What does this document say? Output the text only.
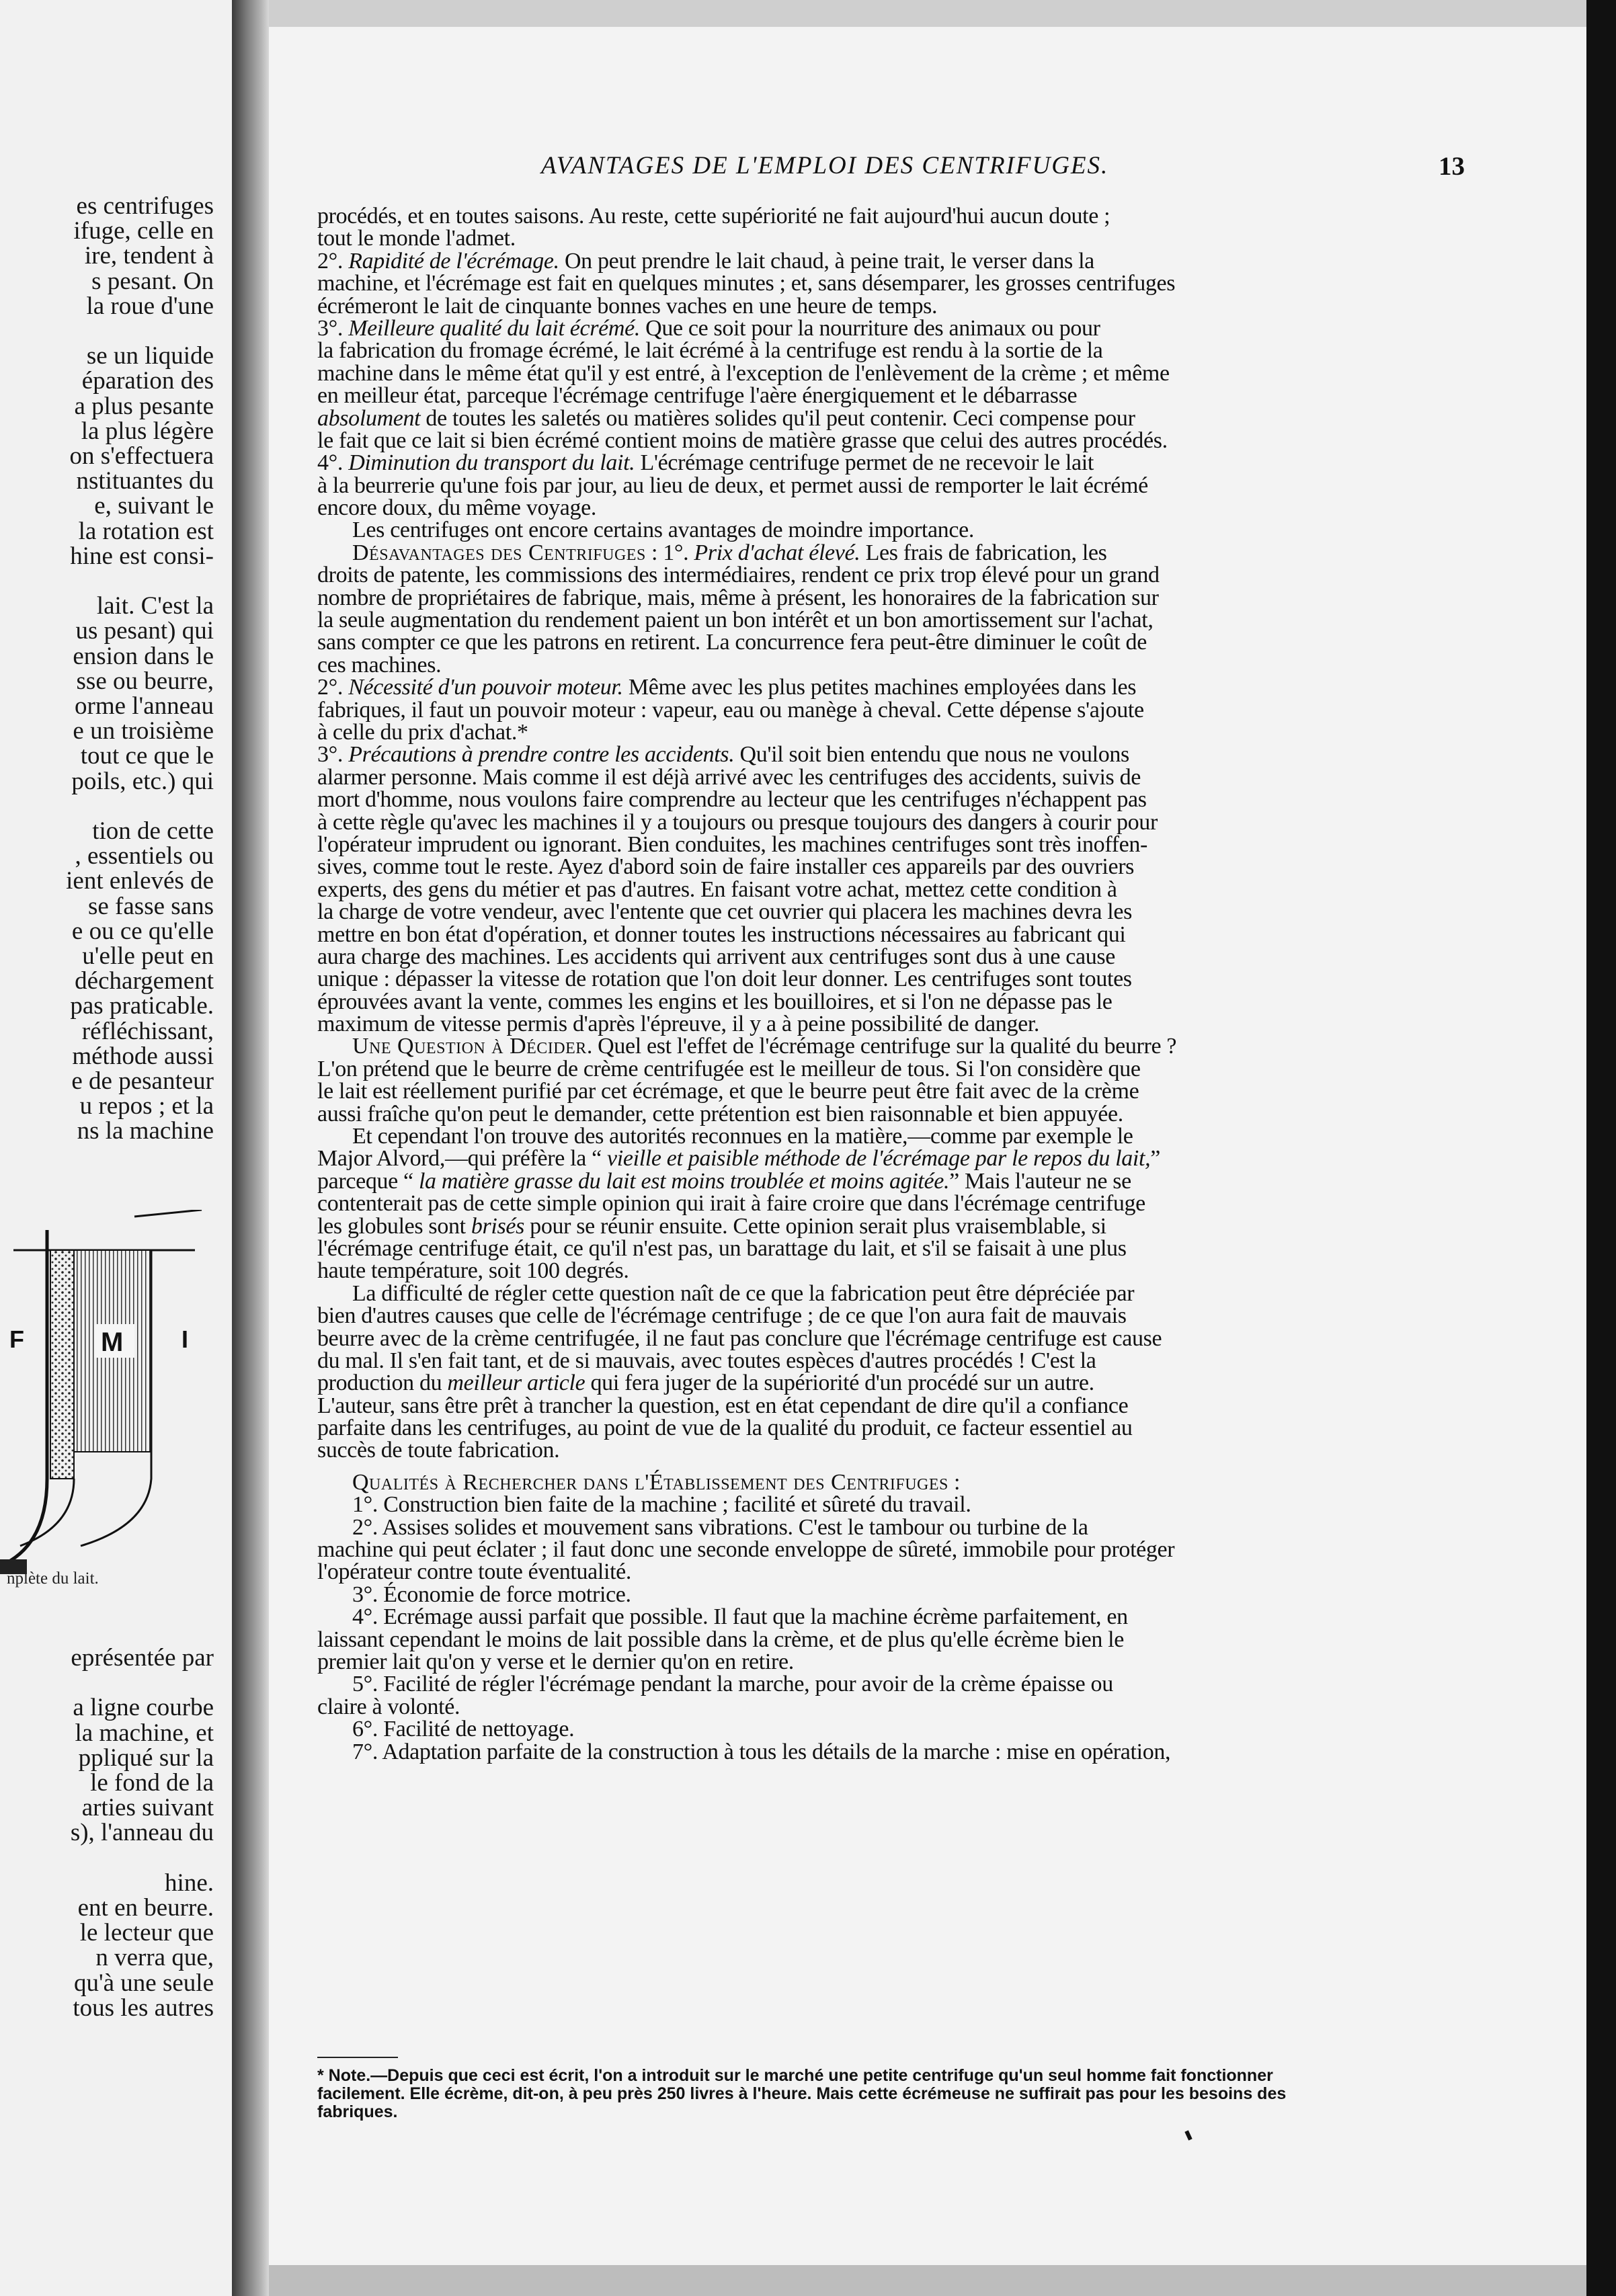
es centrifuges
ifuge, celle en
ire, tendent à
s pesant. On
la roue d'une
se un liquide
éparation des
a plus pesante
la plus légère
on s'effectuera
nstituantes du
e, suivant le
la rotation est
hine est consi-
lait. C'est la
us pesant) qui
ension dans le
sse ou beurre,
orme l'anneau
e un troisième
tout ce que le
poils, etc.) qui
tion de cette
, essentiels ou
ient enlevés de
se fasse sans
e ou ce qu'elle
u'elle peut en
déchargement
pas praticable.
réfléchissant,
méthode aussi
e de pesanteur
u repos ; et la
ns la machine
F	M I
nplète du lait.
eprésentée par
a ligne courbe
la machine, et
ppliqué sur la
le fond de la
arties suivant
s), l'anneau du
hine.
ent en beurre.
le lecteur que
n verra que,
qu'à une seule
tous les autres
AVANTAGES DE L'EMPLOI DES CENTRIFUGES.	13
procédés, et en toutes saisons. Au reste, cette supériorité ne fait aujourd'hui aucun doute ;
tout le monde l'admet.
2°. Rapidité de l'écrémage. On peut prendre le lait chaud, à peine trait, le verser dans la
machine, et l'écrémage est fait en quelques minutes ; et, sans désemparer, les grosses centrifuges
écrémeront le lait de cinquante bonnes vaches en une heure de temps.
3°. Meilleure qualité du lait écrémé. Que ce soit pour la nourriture des animaux ou pour
la fabrication du fromage écrémé, le lait écrémé à la centrifuge est rendu à la sortie de la
machine dans le même état qu'il y est entré, à l'exception de l'enlèvement de la crème ; et même
en meilleur état, parceque l'écrémage centrifuge l'aère énergiquement et le débarrasse
absolument de toutes les saletés ou matières solides qu'il peut contenir. Ceci compense pour
le fait que ce lait si bien écrémé contient moins de matière grasse que celui des autres procédés.
4°. Diminution du transport du lait. L'écrémage centrifuge permet de ne recevoir le lait
à la beurrerie qu'une fois par jour, au lieu de deux, et permet aussi de remporter le lait écrémé
encore doux, du même voyage.
Les centrifuges ont encore certains avantages de moindre importance.
Désavantages des Centrifuges : 1°. Prix d'achat élevé. Les frais de fabrication, les
droits de patente, les commissions des intermédiaires, rendent ce prix trop élevé pour un grand
nombre de propriétaires de fabrique, mais, même à présent, les honoraires de la fabrication sur
la seule augmentation du rendement paient un bon intérêt et un bon amortissement sur l'achat,
sans compter ce que les patrons en retirent. La concurrence fera peut-être diminuer le coût de
ces machines.
2°. Nécessité d'un pouvoir moteur. Même avec les plus petites machines employées dans les
fabriques, il faut un pouvoir moteur : vapeur, eau ou manège à cheval. Cette dépense s'ajoute
à celle du prix d'achat.*
3°. Précautions à prendre contre les accidents. Qu'il soit bien entendu que nous ne voulons
alarmer personne. Mais comme il est déjà arrivé avec les centrifuges des accidents, suivis de
mort d'homme, nous voulons faire comprendre au lecteur que les centrifuges n'échappent pas
à cette règle qu'avec les machines il y a toujours ou presque toujours des dangers à courir pour
l'opérateur imprudent ou ignorant. Bien conduites, les machines centrifuges sont très inoffen-
sives, comme tout le reste. Ayez d'abord soin de faire installer ces appareils par des ouvriers
experts, des gens du métier et pas d'autres. En faisant votre achat, mettez cette condition à
la charge de votre vendeur, avec l'entente que cet ouvrier qui placera les machines devra les
mettre en bon état d'opération, et donner toutes les instructions nécessaires au fabricant qui
aura charge des machines. Les accidents qui arrivent aux centrifuges sont dus à une cause
unique : dépasser la vitesse de rotation que l'on doit leur donner. Les centrifuges sont toutes
éprouvées avant la vente, commes les engins et les bouilloires, et si l'on ne dépasse pas le
maximum de vitesse permis d'après l'épreuve, il y a à peine possibilité de danger.
Une Question à Décider. Quel est l'effet de l'écrémage centrifuge sur la qualité du beurre ?
L'on prétend que le beurre de crème centrifugée est le meilleur de tous. Si l'on considère que
le lait est réellement purifié par cet écrémage, et que le beurre peut être fait avec de la crème
aussi fraîche qu'on peut le demander, cette prétention est bien raisonnable et bien appuyée.
Et cependant l'on trouve des autorités reconnues en la matière,—comme par exemple le
Major Alvord,—qui préfère la “ vieille et paisible méthode de l'écrémage par le repos du lait,”
parceque “ la matière grasse du lait est moins troublée et moins agitée.” Mais l'auteur ne se
contenterait pas de cette simple opinion qui irait à faire croire que dans l'écrémage centrifuge
les globules sont brisés pour se réunir ensuite. Cette opinion serait plus vraisemblable, si
l'écrémage centrifuge était, ce qu'il n'est pas, un barattage du lait, et s'il se faisait à une plus
haute température, soit 100 degrés.
La difficulté de régler cette question naît de ce que la fabrication peut être dépréciée par
bien d'autres causes que celle de l'écrémage centrifuge ; de ce que l'on aura fait de mauvais
beurre avec de la crème centrifugée, il ne faut pas conclure que l'écrémage centrifuge est cause
du mal. Il s'en fait tant, et de si mauvais, avec toutes espèces d'autres procédés ! C'est la
production du meilleur article qui fera juger de la supériorité d'un procédé sur un autre.
L'auteur, sans être prêt à trancher la question, est en état cependant de dire qu'il a confiance
parfaite dans les centrifuges, au point de vue de la qualité du produit, ce facteur essentiel au
succès de toute fabrication.
Qualités à Rechercher dans l'Établissement des Centrifuges :
1°. Construction bien faite de la machine ; facilité et sûreté du travail.
2°. Assises solides et mouvement sans vibrations. C'est le tambour ou turbine de la
machine qui peut éclater ; il faut donc une seconde enveloppe de sûreté, immobile pour protéger
l'opérateur contre toute éventualité.
3°. Économie de force motrice.
4°. Ecrémage aussi parfait que possible. Il faut que la machine écrème parfaitement, en
laissant cependant le moins de lait possible dans la crème, et de plus qu'elle écrème bien le
premier lait qu'on y verse et le dernier qu'on en retire.
5°. Facilité de régler l'écrémage pendant la marche, pour avoir de la crème épaisse ou
claire à volonté.
6°. Facilité de nettoyage.
7°. Adaptation parfaite de la construction à tous les détails de la marche : mise en opération,
* Note.—Depuis que ceci est écrit, l'on a introduit sur le marché une petite centrifuge qu'un seul homme fait fonctionner
facilement. Elle écrème, dit-on, à peu près 250 livres à l'heure. Mais cette écrémeuse ne suffirait pas pour les besoins des
fabriques.
